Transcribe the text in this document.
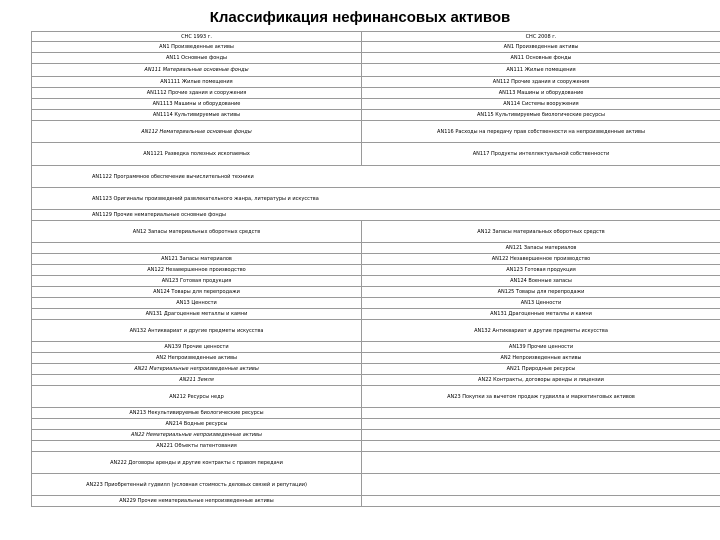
Классификация нефинансовых активов
СНС 1993 г.	СНС 2008 г.
AN1 Произведенные активы	AN1 Произведенные активы
AN11 Основные фонды	AN11 Основные фонды
AN111 Материальные основные фонды	AN111 Жилые помещения
AN1111 Жилые помещения	AN112 Прочие здания и сооружения
AN1112 Прочие здания и сооружения	AN113 Машины и оборудование
AN1113 Машины и оборудование	AN114 Системы вооружения
AN1114 Культивируемые активы	AN115 Культивируемые биологические ресурсы
AN112 Нематериальные основные фонды	AN116 Расходы на передачу прав собственности на непроизведенные активы
AN1121 Разведка полезных ископаемых	AN117 Продукты интеллектуальной собственности
AN1122 Программное обеспечение вычислительной техники	
AN1123 Оригиналы произведений развлекательного жанра, литературы и искусства	
AN1129 Прочие нематериальные основные фонды	
AN12 Запасы материальных оборотных средств	AN12 Запасы материальных оборотных средств
	AN121 Запасы материалов
AN121 Запасы материалов	AN122 Незавершенное производство
AN122 Незавершенное производство	AN123 Готовая продукция
AN123 Готовая продукция	AN124 Военные запасы
AN124 Товары для перепродажи	AN125 Товары для перепродажи
AN13 Ценности	AN13 Ценности
AN131 Драгоценные металлы и камни	AN131 Драгоценные металлы и камни
AN132 Антиквариат и другие предметы искусства	AN132 Антиквариат и другие предметы искусства
AN139 Прочие ценности	AN139 Прочие ценности
AN2 Непроизведенные активы	AN2 Непроизведенные активы
AN21 Материальные непроизведенные активы	AN21 Природные ресурсы
AN211 Земля	AN22 Контракты, договоры аренды и лицензии
AN212 Ресурсы недр	AN23 Покупки за вычетом продаж гудвилла и маркетинговых активов
AN213 Некультивируемые биологические ресурсы	
AN214 Водные ресурсы	
AN22 Нематериальные непроизведенные активы	
AN221 Объекты патентования	
AN222 Договоры аренды и другие контракты с правом передачи	
AN223 Приобретенный гудвилл (условная стоимость деловых связей и репутации)	
AN229 Прочие нематериальные непроизведенные активы	
